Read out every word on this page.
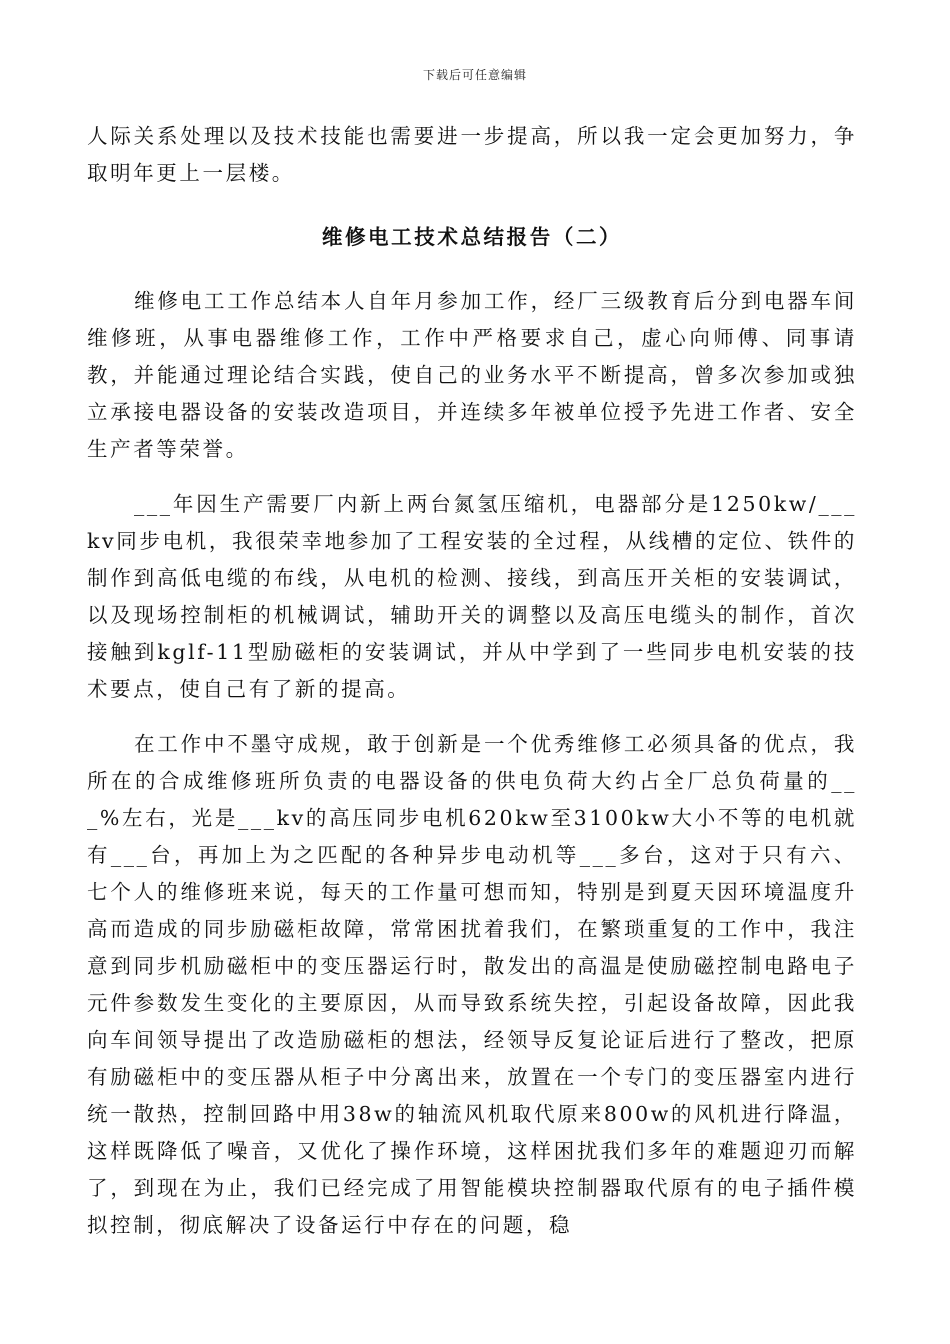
下载后可任意编辑

人际关系处理以及技术技能也需要进一步提高，所以我一定会更加努力，争取明年更上一层楼。

维修电工技术总结报告（二）

维修电工工作总结本人自年月参加工作，经厂三级教育后分到电器车间维修班，从事电器维修工作，工作中严格要求自己，虚心向师傅、同事请教，并能通过理论结合实践，使自己的业务水平不断提高，曾多次参加或独立承接电器设备的安装改造项目，并连续多年被单位授予先进工作者、安全生产者等荣誉。

___年因生产需要厂内新上两台氮氢压缩机，电器部分是1250kw/___kv同步电机，我很荣幸地参加了工程安装的全过程，从线槽的定位、铁件的制作到高低电缆的布线，从电机的检测、接线，到高压开关柜的安装调试，以及现场控制柜的机械调试，辅助开关的调整以及高压电缆头的制作，首次接触到kglf-11型励磁柜的安装调试，并从中学到了一些同步电机安装的技术要点，使自己有了新的提高。

在工作中不墨守成规，敢于创新是一个优秀维修工必须具备的优点，我所在的合成维修班所负责的电器设备的供电负荷大约占全厂总负荷量的___%左右，光是___kv的高压同步电机620kw至3100kw大小不等的电机就有___台，再加上为之匹配的各种异步电动机等___多台，这对于只有六、七个人的维修班来说，每天的工作量可想而知，特别是到夏天因环境温度升高而造成的同步励磁柜故障，常常困扰着我们，在繁琐重复的工作中，我注意到同步机励磁柜中的变压器运行时，散发出的高温是使励磁控制电路电子元件参数发生变化的主要原因，从而导致系统失控，引起设备故障，因此我向车间领导提出了改造励磁柜的想法，经领导反复论证后进行了整改，把原有励磁柜中的变压器从柜子中分离出来，放置在一个专门的变压器室内进行统一散热，控制回路中用38w的轴流风机取代原来800w的风机进行降温，这样既降低了噪音，又优化了操作环境，这样困扰我们多年的难题迎刃而解了，到现在为止，我们已经完成了用智能模块控制器取代原有的电子插件模拟控制，彻底解决了设备运行中存在的问题，稳
